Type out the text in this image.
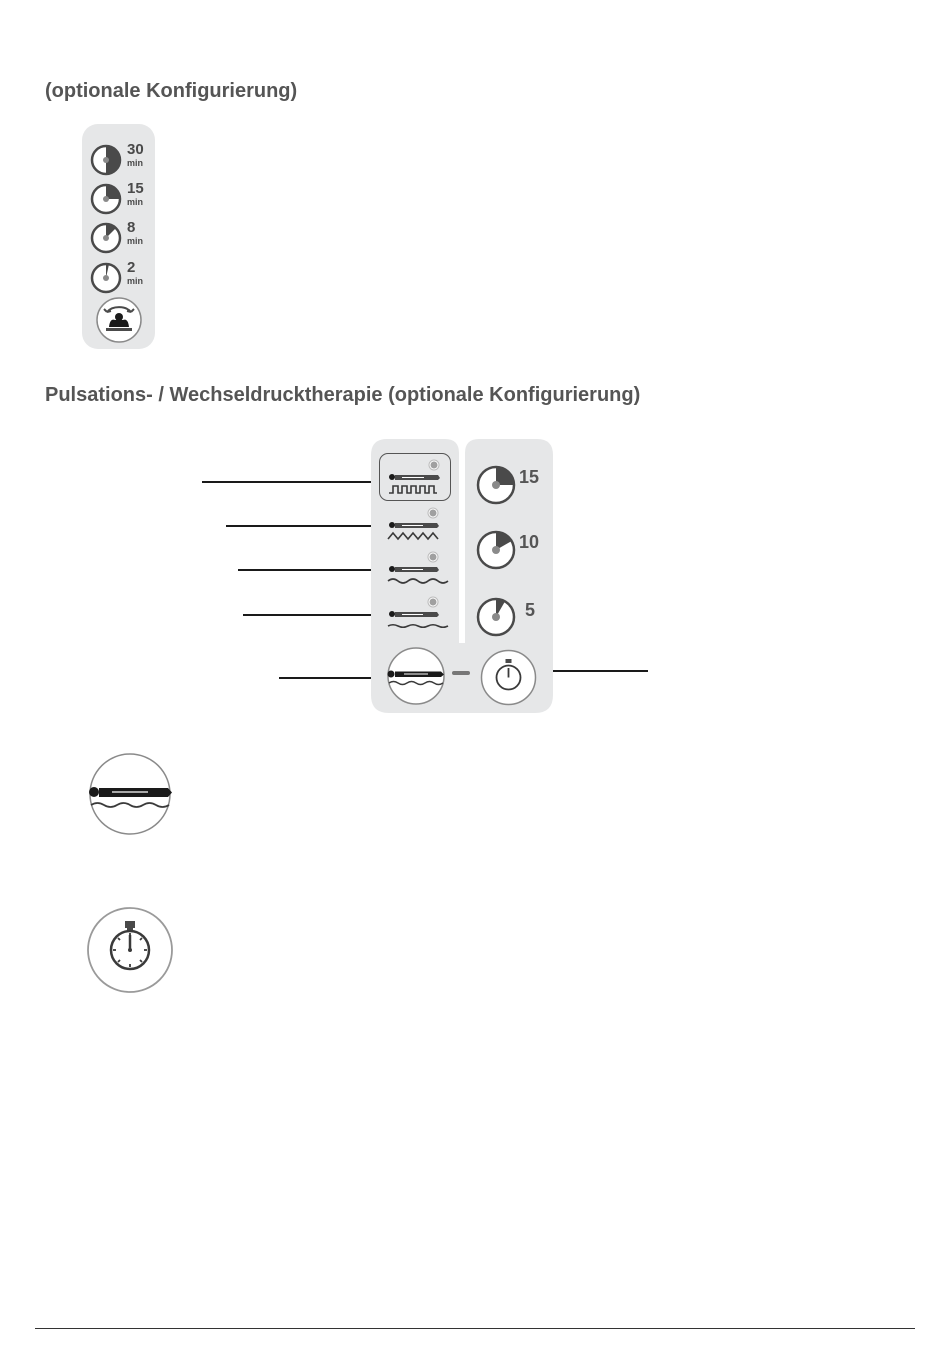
(optionale Konfigurierung)
30
min
15
min
8
min
2
min
Pulsations- / Wechseldrucktherapie (optionale Konfigurierung)
15
10
5
